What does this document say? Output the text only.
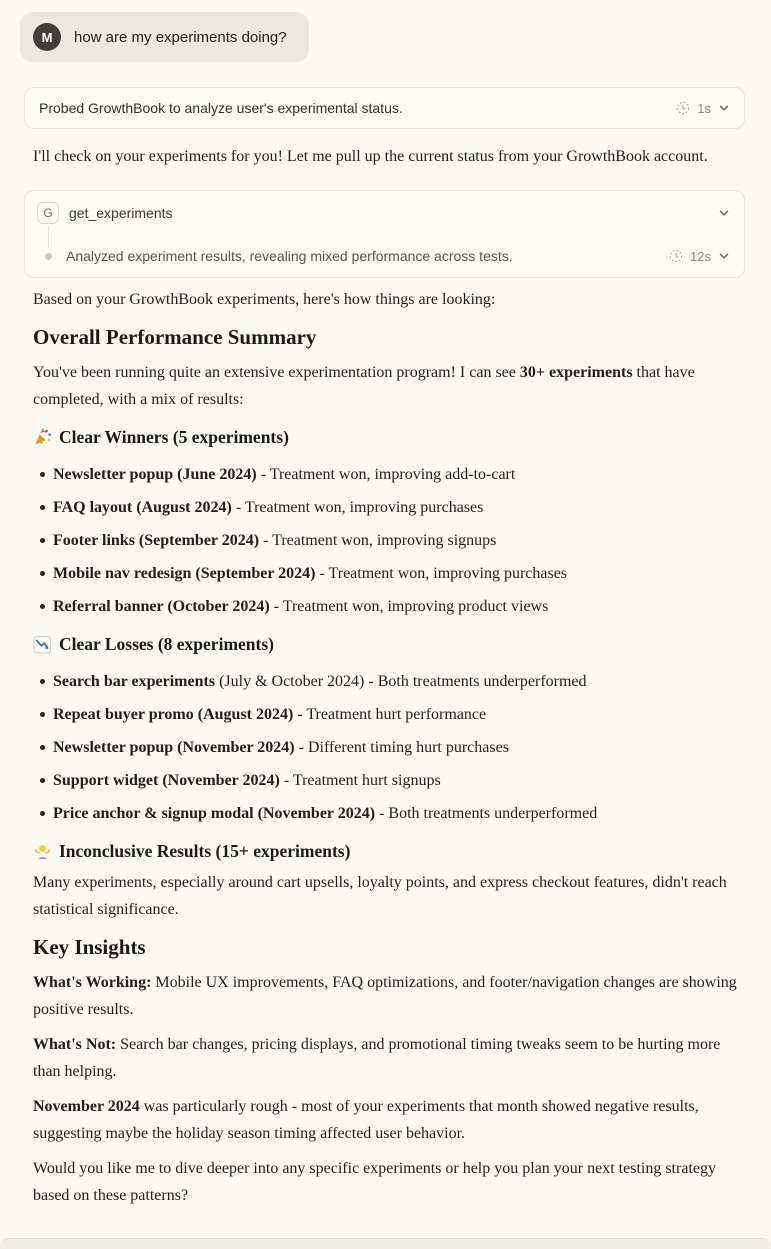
M how are my experiments doing?
Probed GrowthBook to analyze user's experimental status.	1s

I'll check on your experiments for you! Let me pull up the current status from your GrowthBook account.

G	get_experiments
Analyzed experiment results, revealing mixed performance across tests.	12s

Based on your GrowthBook experiments, here's how things are looking:

Overall Performance Summary

You've been running quite an extensive experimentation program! I can see 30+ experiments that have completed, with a mix of results:

Clear Winners (5 experiments)
Newsletter popup (June 2024) - Treatment won, improving add-to-cart
FAQ layout (August 2024) - Treatment won, improving purchases
Footer links (September 2024) - Treatment won, improving signups
Mobile nav redesign (September 2024) - Treatment won, improving purchases
Referral banner (October 2024) - Treatment won, improving product views
Clear Losses (8 experiments)
Search bar experiments (July & October 2024) - Both treatments underperformed
Repeat buyer promo (August 2024) - Treatment hurt performance
Newsletter popup (November 2024) - Different timing hurt purchases
Support widget (November 2024) - Treatment hurt signups
Price anchor & signup modal (November 2024) - Both treatments underperformed
Inconclusive Results (15+ experiments)

Many experiments, especially around cart upsells, loyalty points, and express checkout features, didn't reach statistical significance.

Key Insights

What's Working: Mobile UX improvements, FAQ optimizations, and footer/navigation changes are showing positive results.

What's Not: Search bar changes, pricing displays, and promotional timing tweaks seem to be hurting more than helping.

November 2024 was particularly rough - most of your experiments that month showed negative results, suggesting maybe the holiday season timing affected user behavior.

Would you like me to dive deeper into any specific experiments or help you plan your next testing strategy based on these patterns?
